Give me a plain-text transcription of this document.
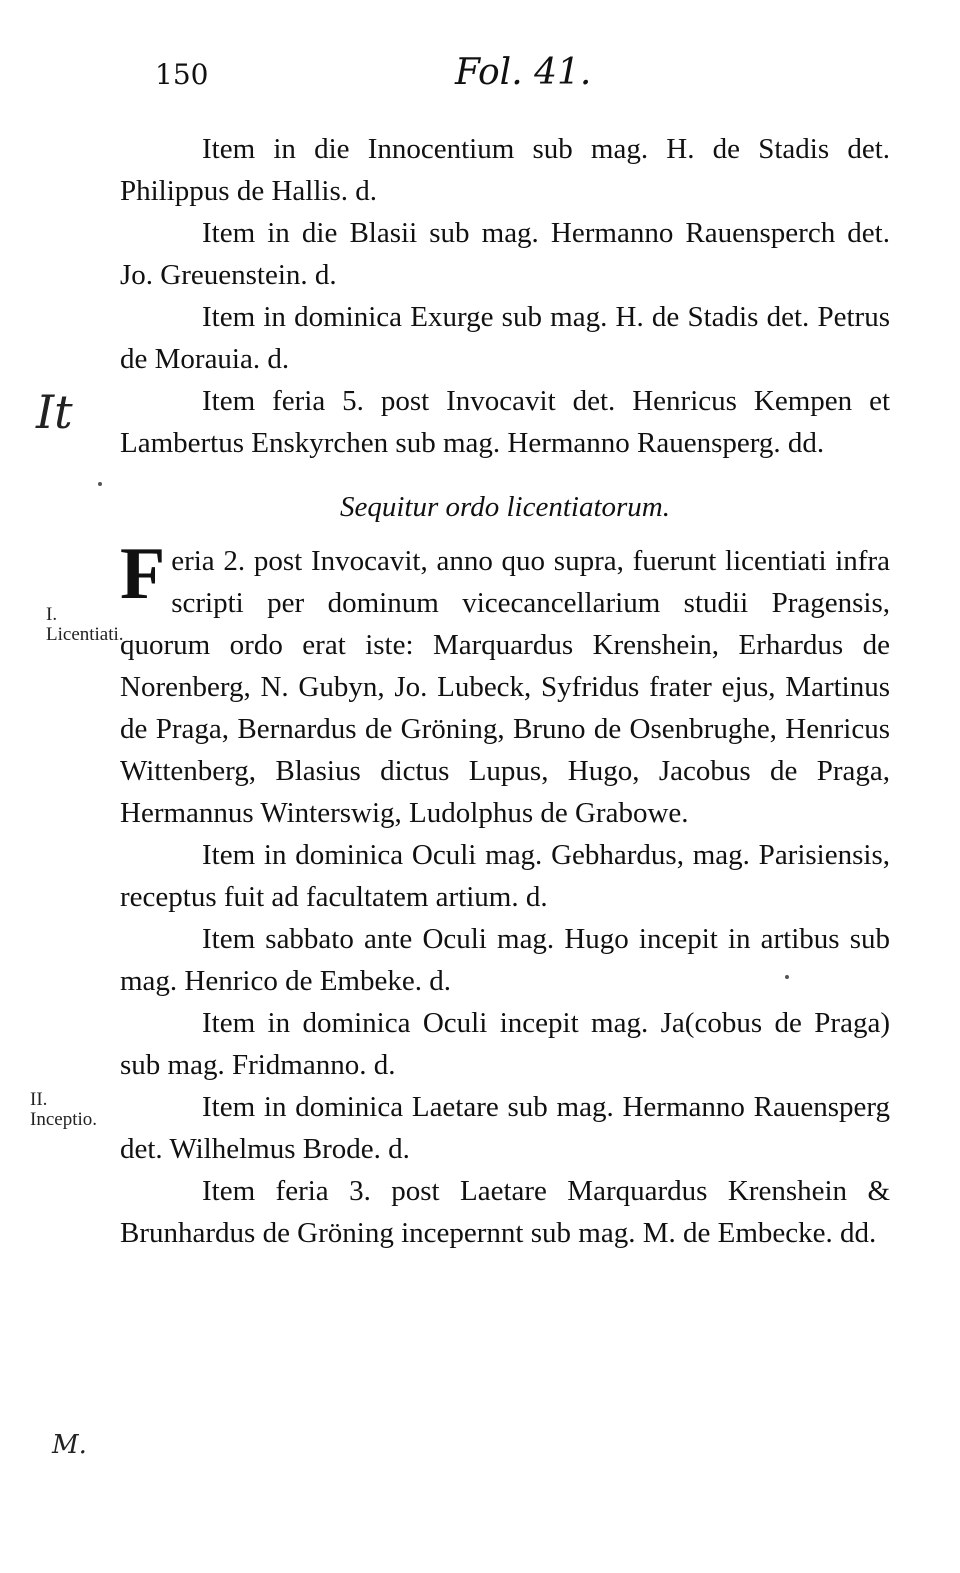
150	Fol. 41.
It
I. Licentiati.
II. Inceptio.

Item in die Innocentium sub mag. H. de Stadis det. Philippus de Hallis. d.

Item in die Blasii sub mag. Hermanno Rauensperch det. Jo. Greuenstein. d.

Item in dominica Exurge sub mag. H. de Stadis det. Petrus de Morauia. d.

Item feria 5. post Invocavit det. Henricus Kempen et Lambertus Enskyrchen sub mag. Hermanno Rauensperg. dd.

Sequitur ordo licentiatorum.

Feria 2. post Invocavit, anno quo supra, fuerunt licentiati infra scripti per dominum vicecancellarium studii Pragensis, quorum ordo erat iste: Marquardus Krenshein, Erhardus de Norenberg, N. Gubyn, Jo. Lubeck, Syfridus frater ejus, Martinus de Praga, Bernardus de Gröning, Bruno de Osenbrughe, Henricus Wittenberg, Blasius dictus Lupus, Hugo, Jacobus de Praga, Hermannus Winterswig, Ludolphus de Grabowe.

Item in dominica Oculi mag. Gebhardus, mag. Parisiensis, receptus fuit ad facultatem artium. d.

Item sabbato ante Oculi mag. Hugo incepit in artibus sub mag. Henrico de Embeke. d.

Item in dominica Oculi incepit mag. Ja(cobus de Praga) sub mag. Fridmanno. d.

Item in dominica Laetare sub mag. Hermanno Rauensperg det. Wilhelmus Brode. d.

Item feria 3. post Laetare Marquardus Krenshein & Brunhardus de Gröning incepernnt sub mag. M. de Embecke. dd.

M.
